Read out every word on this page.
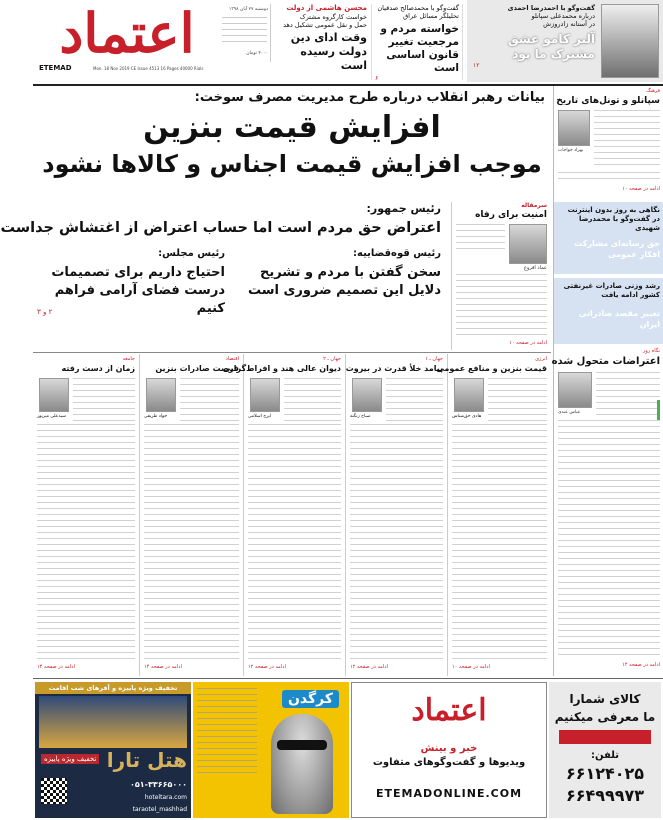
اعتماد
ETEMAD	Mon. 18 Nov 2019 CE Issue 4513 16 Pages 40000 Rials
دوشنبه ۲۷ آبان ۱۳۹۸
۴۰۰۰ تومان
محسن هاشمی از دولت
خواست کارگروه مشترک
حمل و نقل عمومی تشکیل دهد
وقت ادای دین دولت رسیده است
گفت‌وگو با محمدصالح صدقیان
تحلیلگر مسائل عراق
خواسته مردم و مرجعیت تغییر قانون اساسی است
۶
گفت‌وگو با احمدرضا احمدی
درباره محمدعلی سپانلو
در آستانه زادروزش
آلبر کامو عشق مشترک ما بود
۱۲
بیانات رهبر انقلاب درباره طرح مدیریت مصرف سوخت:
افزایش قیمت بنزین
موجب افزایش قیمت اجناس و کالاها نشود
رئیس جمهور:
اعتراض حق مردم است اما حساب اعتراض از اغتشاش جداست
رئیس قوه‌قضاییه:
سخن گفتن با مردم و تشریح دلایل این تصمیم ضروری است
رئیس مجلس:
احتیاج داریم برای تصمیمات درست فضای آرامی فراهم کنیم
۲ و ۳
سرمقاله
امنیت برای رفاه
عماد افروغ
ادامه در صفحه ۱۰
فرهنگ
سپانلو و تونل‌های تاریخ
بهزاد خواجات
ادامه در صفحه ۱۰
نگاهی به روز بدون اینترنت در گفت‌وگو با محمدرضا شهیدی
حق رسانه‌ای مشارکت افکار عمومی
رشد وزنی صادرات غیرنفتی کشور ادامه یافت
تغییر مقصد صادراتی ایران
نگاه روز
اعتراضات متحول شده
عباس عبدی
ادامه در صفحه ۱۴
انرژی
قیمت بنزین و منافع عمومی
هادی حق‌شناس
ادامه در صفحه ۱۰
جهان ـ ۱
پیامد خلأ قدرت در بیروت
صباح زنگنه
ادامه در صفحه ۱۲
جهان ـ ۲
دیوان عالی هند و افراط‌گرایی
ایرج اسلامی
ادامه در صفحه ۱۲
اقتصاد
فرصت صادرات بنزین
جواد ظریفی
ادامه در صفحه ۱۴
جامعه
زمان از دست رفته
سیدعلی میرپور
ادامه در صفحه ۱۴
تخفیف ویژه پاییزه و آفرهای شب اقامت
هتل تارا
تخفیف ویژه پاییزه
۰۵۱-۳۳۶۶۵۰۰۰
hoteltara.com
taraotel_mashhad
کرگدن	اعتماد
خبر و بینش
ویدیوها و گفت‌وگوهای متفاوت
ETEMADONLINE.COM
کالای شمارا
ما معرفی میکنیم
تلفن:
۶۶۱۲۴۰۲۵
۶۶۴۹۹۹۷۳
